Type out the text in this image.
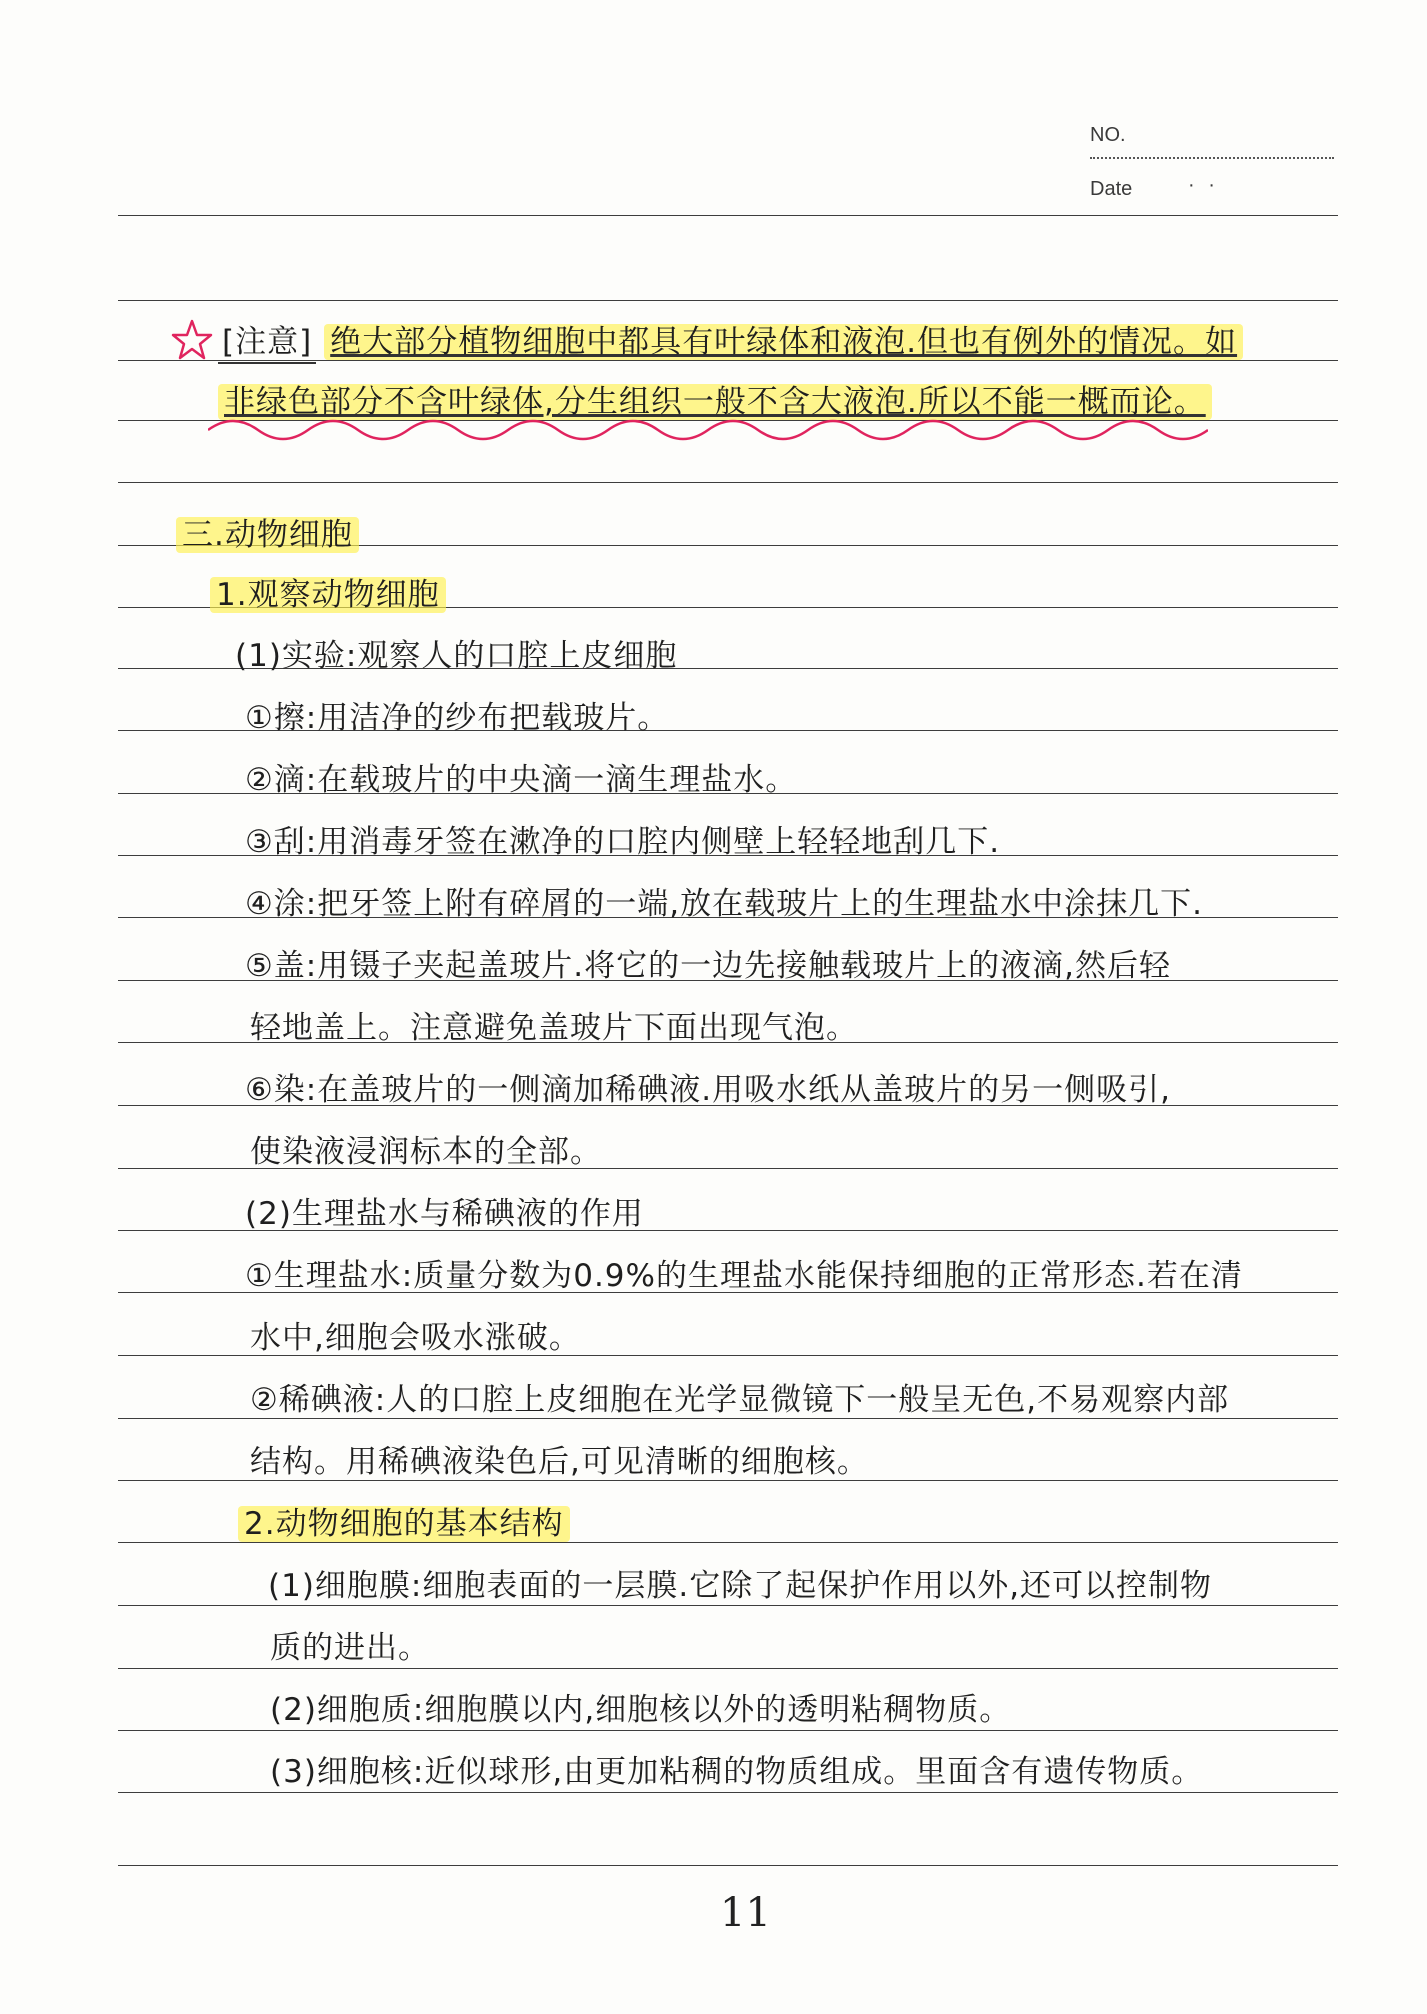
NO.
Date	· ·
[注意] 绝大部分植物细胞中都具有叶绿体和液泡.但也有例外的情况。如
非绿色部分不含叶绿体,分生组织一般不含大液泡.所以不能一概而论。
三.动物细胞
1.观察动物细胞
(1)实验:观察人的口腔上皮细胞
①擦:用洁净的纱布把载玻片。
②滴:在载玻片的中央滴一滴生理盐水。
③刮:用消毒牙签在漱净的口腔内侧壁上轻轻地刮几下.
④涂:把牙签上附有碎屑的一端,放在载玻片上的生理盐水中涂抹几下.
⑤盖:用镊子夹起盖玻片.将它的一边先接触载玻片上的液滴,然后轻
轻地盖上。注意避免盖玻片下面出现气泡。
⑥染:在盖玻片的一侧滴加稀碘液.用吸水纸从盖玻片的另一侧吸引,
使染液浸润标本的全部。
(2)生理盐水与稀碘液的作用
①生理盐水:质量分数为0.9%的生理盐水能保持细胞的正常形态.若在清
水中,细胞会吸水涨破。
②稀碘液:人的口腔上皮细胞在光学显微镜下一般呈无色,不易观察内部
结构。用稀碘液染色后,可见清晰的细胞核。
2.动物细胞的基本结构
(1)细胞膜:细胞表面的一层膜.它除了起保护作用以外,还可以控制物
质的进出。
(2)细胞质:细胞膜以内,细胞核以外的透明粘稠物质。
(3)细胞核:近似球形,由更加粘稠的物质组成。里面含有遗传物质。
11
